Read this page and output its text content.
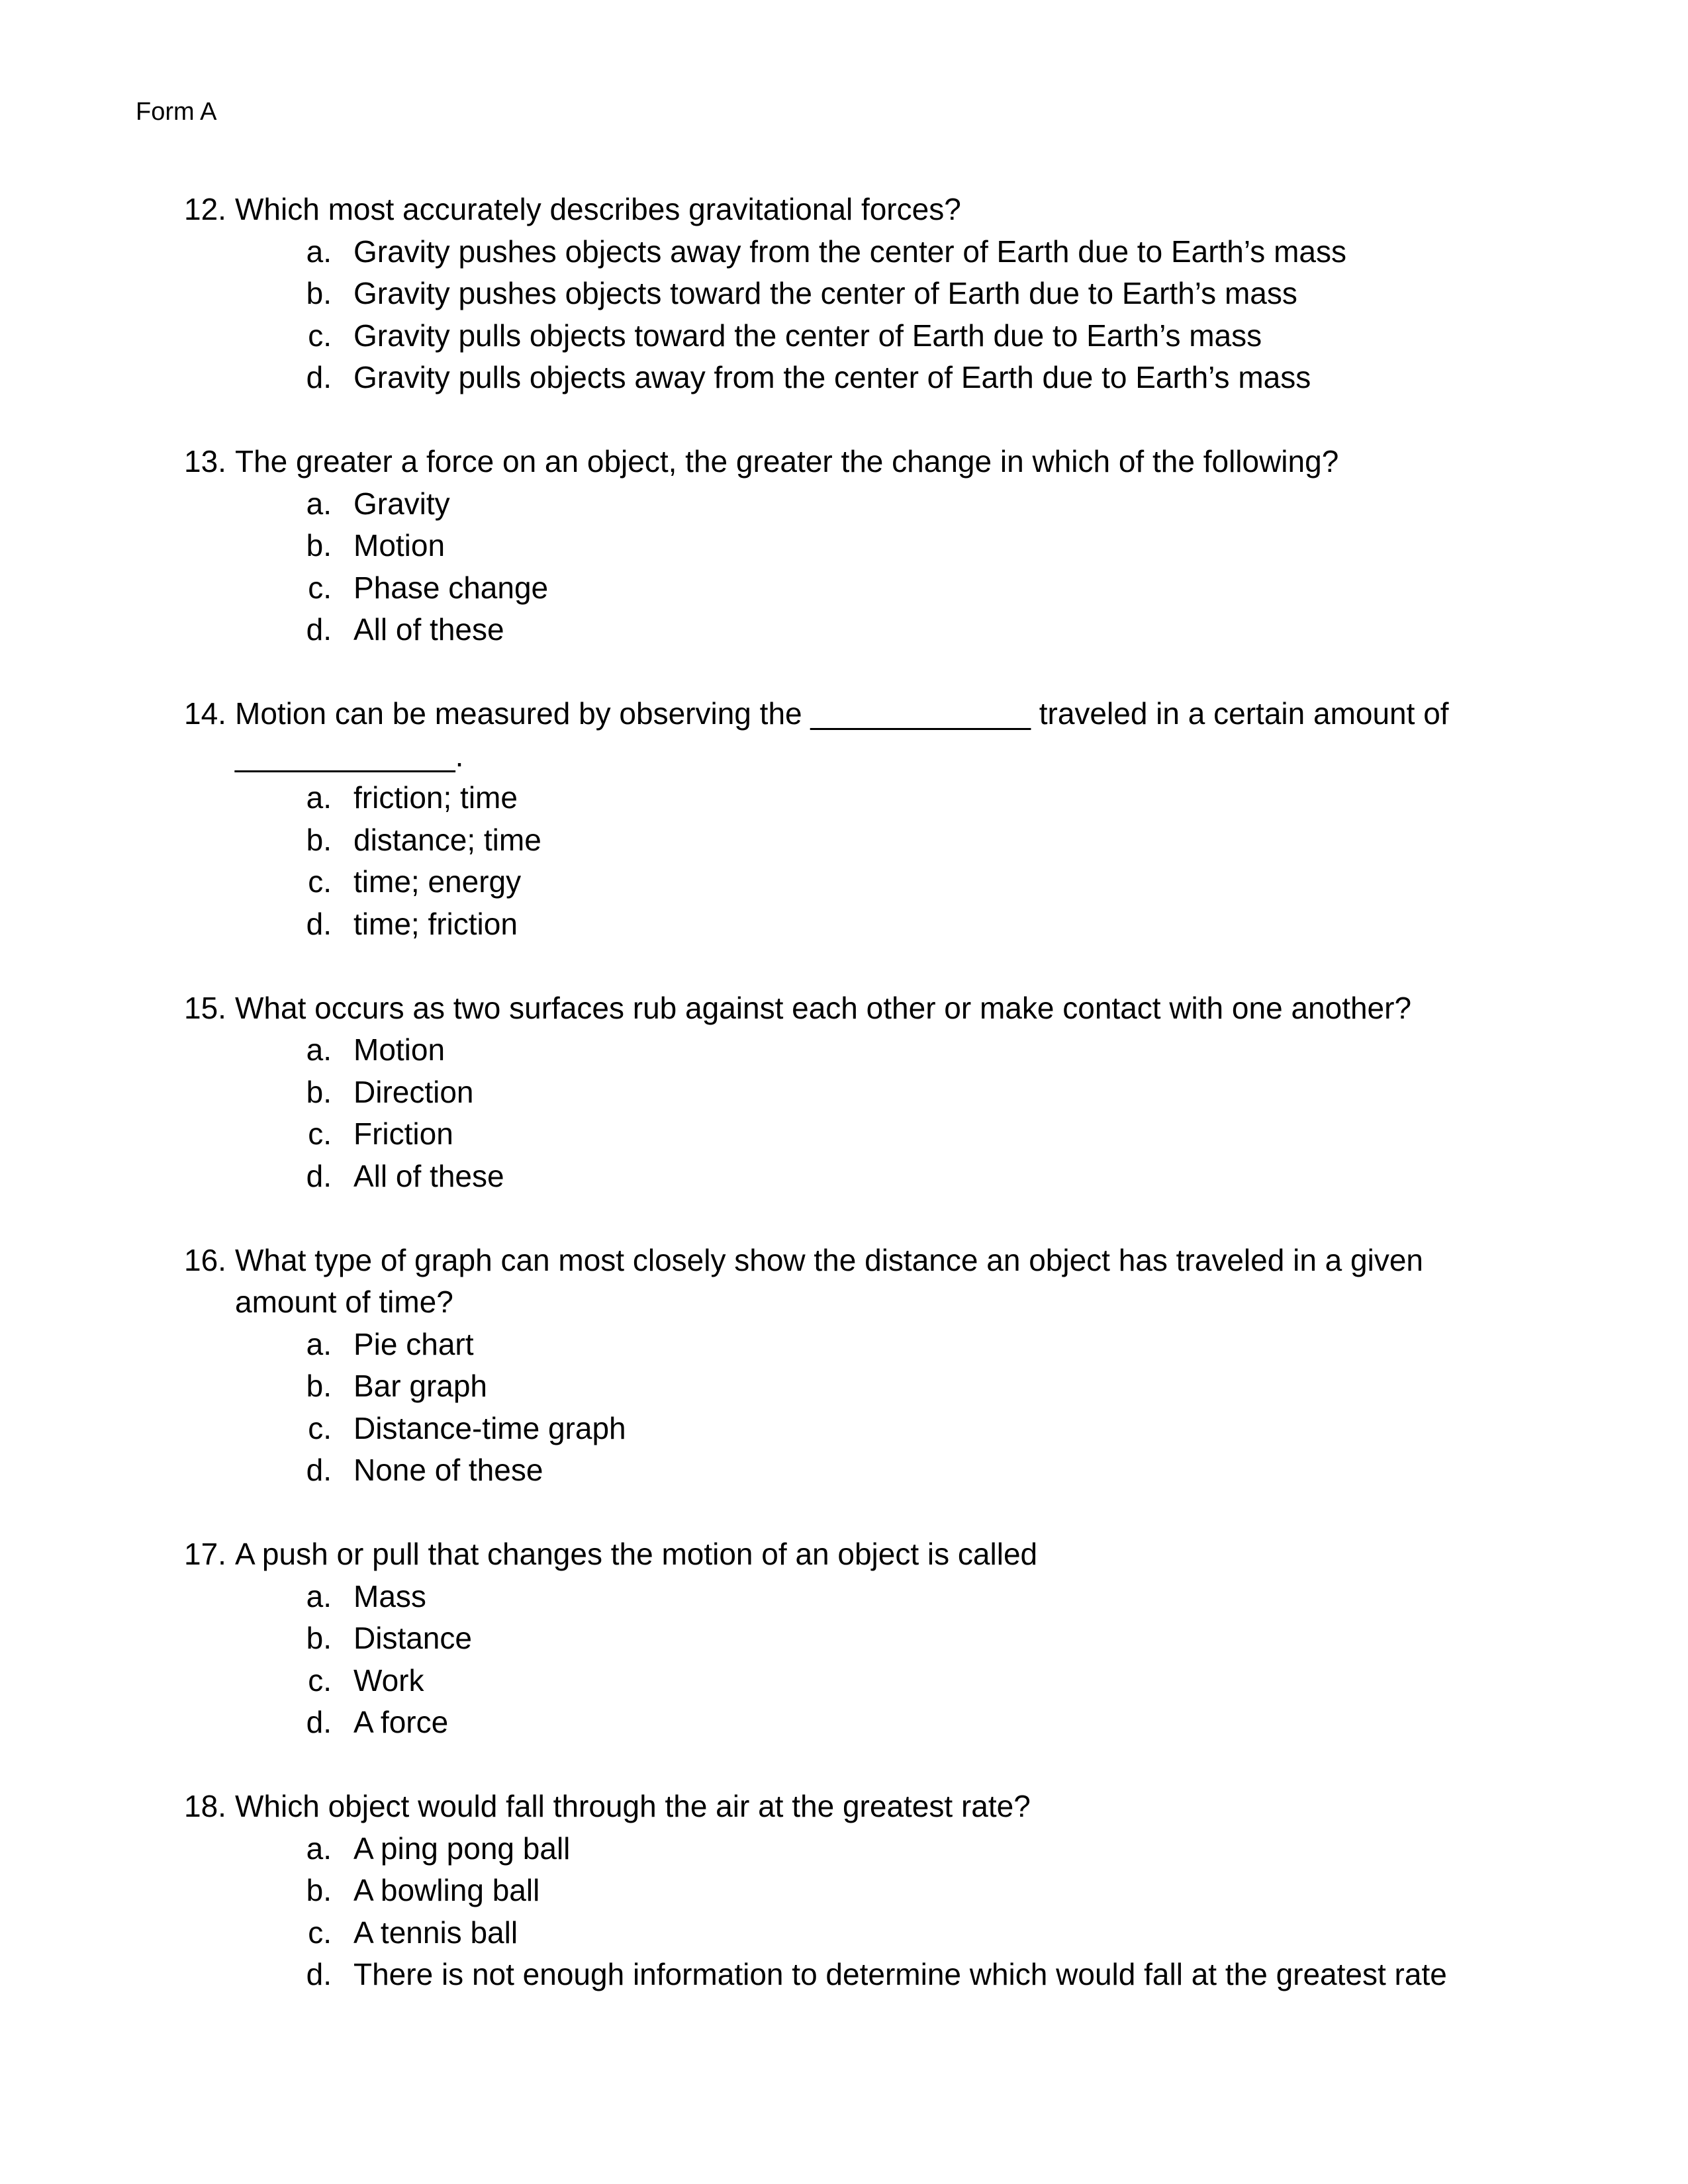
Form A
12. Which most accurately describes gravitational forces?
a. Gravity pushes objects away from the center of Earth due to Earth’s mass
b. Gravity pushes objects toward the center of Earth due to Earth’s mass
c. Gravity pulls objects toward the center of Earth due to Earth’s mass
d. Gravity pulls objects away from the center of Earth due to Earth’s mass
13. The greater a force on an object, the greater the change in which of the following?
a. Gravity
b. Motion
c. Phase change
d. All of these
14. Motion can be measured by observing the _____________ traveled in a certain amount of _____________.
a. friction; time
b. distance; time
c. time; energy
d. time; friction
15. What occurs as two surfaces rub against each other or make contact with one another?
a. Motion
b. Direction
c. Friction
d. All of these
16. What type of graph can most closely show the distance an object has traveled in a given amount of time?
a. Pie chart
b. Bar graph
c. Distance-time graph
d. None of these
17. A push or pull that changes the motion of an object is called
a. Mass
b. Distance
c. Work
d. A force
18. Which object would fall through the air at the greatest rate?
a. A ping pong ball
b. A bowling ball
c. A tennis ball
d. There is not enough information to determine which would fall at the greatest rate
